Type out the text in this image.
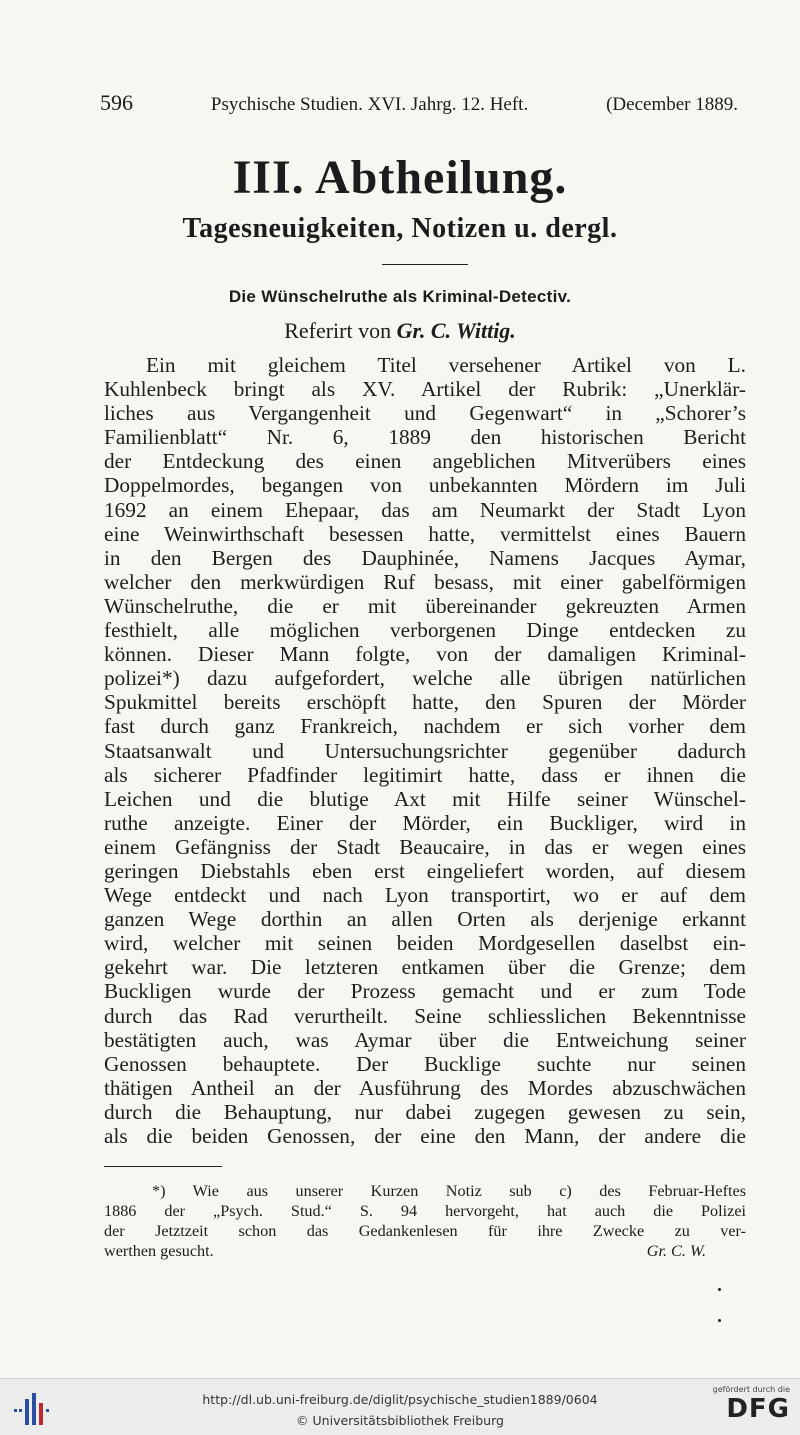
596	Psychische Studien. XVI. Jahrg. 12. Heft.	(December 1889.
III. Abtheilung.
Tagesneuigkeiten, Notizen u. dergl.
Die Wünschelruthe als Kriminal-Detectiv.
Referirt von Gr. C. Wittig.
Ein mit gleichem Titel versehener Artikel von L.
Kuhlenbeck bringt als XV. Artikel der Rubrik: „Unerklär-
liches aus Vergangenheit und Gegenwart“ in „Schorer’s
Familienblatt“ Nr. 6, 1889 den historischen Bericht
der Entdeckung des einen angeblichen Mitverübers eines
Doppelmordes, begangen von unbekannten Mördern im Juli
1692 an einem Ehepaar, das am Neumarkt der Stadt Lyon
eine Weinwirthschaft besessen hatte, vermittelst eines Bauern
in den Bergen des Dauphinée, Namens Jacques Aymar,
welcher den merkwürdigen Ruf besass, mit einer gabelförmigen
Wünschelruthe, die er mit übereinander gekreuzten Armen
festhielt, alle möglichen verborgenen Dinge entdecken zu
können. Dieser Mann folgte, von der damaligen Kriminal-
polizei*) dazu aufgefordert, welche alle übrigen natürlichen
Spukmittel bereits erschöpft hatte, den Spuren der Mörder
fast durch ganz Frankreich, nachdem er sich vorher dem
Staatsanwalt und Untersuchungsrichter gegenüber dadurch
als sicherer Pfadfinder legitimirt hatte, dass er ihnen die
Leichen und die blutige Axt mit Hilfe seiner Wünschel-
ruthe anzeigte. Einer der Mörder, ein Buckliger, wird in
einem Gefängniss der Stadt Beaucaire, in das er wegen eines
geringen Diebstahls eben erst eingeliefert worden, auf diesem
Wege entdeckt und nach Lyon transportirt, wo er auf dem
ganzen Wege dorthin an allen Orten als derjenige erkannt
wird, welcher mit seinen beiden Mordgesellen daselbst ein-
gekehrt war. Die letzteren entkamen über die Grenze; dem
Buckligen wurde der Prozess gemacht und er zum Tode
durch das Rad verurtheilt. Seine schliesslichen Bekenntnisse
bestätigten auch, was Aymar über die Entweichung seiner
Genossen behauptete. Der Bucklige suchte nur seinen
thätigen Antheil an der Ausführung des Mordes abzuschwächen
durch die Behauptung, nur dabei zugegen gewesen zu sein,
als die beiden Genossen, der eine den Mann, der andere die
*) Wie aus unserer Kurzen Notiz sub c) des Februar-Heftes
1886 der „Psych. Stud.“ S. 94 hervorgeht, hat auch die Polizei
der Jetztzeit schon das Gedankenlesen für ihre Zwecke zu ver-
werthen gesucht.	Gr. C. W.
http://dl.ub.uni-freiburg.de/diglit/psychische_studien1889/0604
© Universitätsbibliothek Freiburg
gefördert durch die
DFG
